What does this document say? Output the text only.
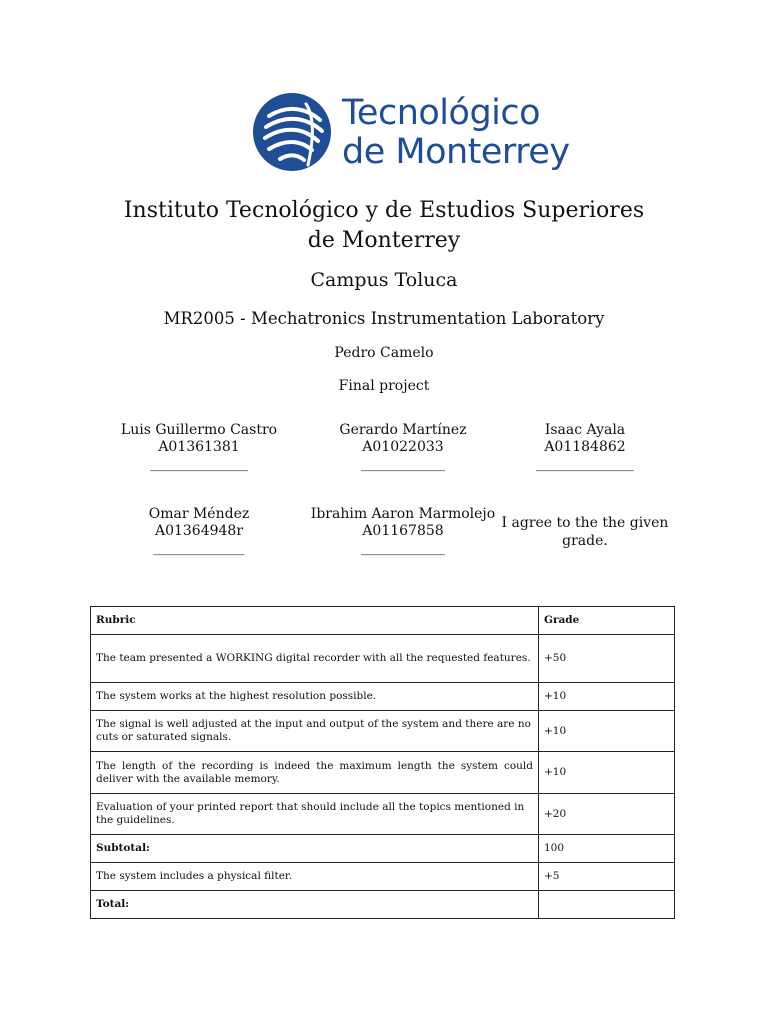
Tecnológico
de Monterrey
Instituto Tecnológico y de Estudios Superiores de Monterrey
Campus Toluca
MR2005 - Mechatronics Instrumentation Laboratory
Pedro Camelo
Final project
Luis Guillermo Castro
A01361381
______________
Gerardo Martínez
A01022033
____________
Isaac Ayala
A01184862
______________
Omar Méndez
A01364948r
_____________
Ibrahim Aaron Marmolejo
A01167858
____________
I agree to the the given grade.
Rubric	Grade
The team presented a WORKING digital recorder with all the requested features.	+50
The system works at the highest resolution possible.	+10
The signal is well adjusted at the input and output of the system and there are no cuts or saturated signals.	+10
The length of the recording is indeed the maximum length the system could deliver with the available memory.	+10
Evaluation of your printed report that should include all the topics mentioned in the guidelines.	+20
Subtotal:	100
The system includes a physical filter.	+5
Total:	
